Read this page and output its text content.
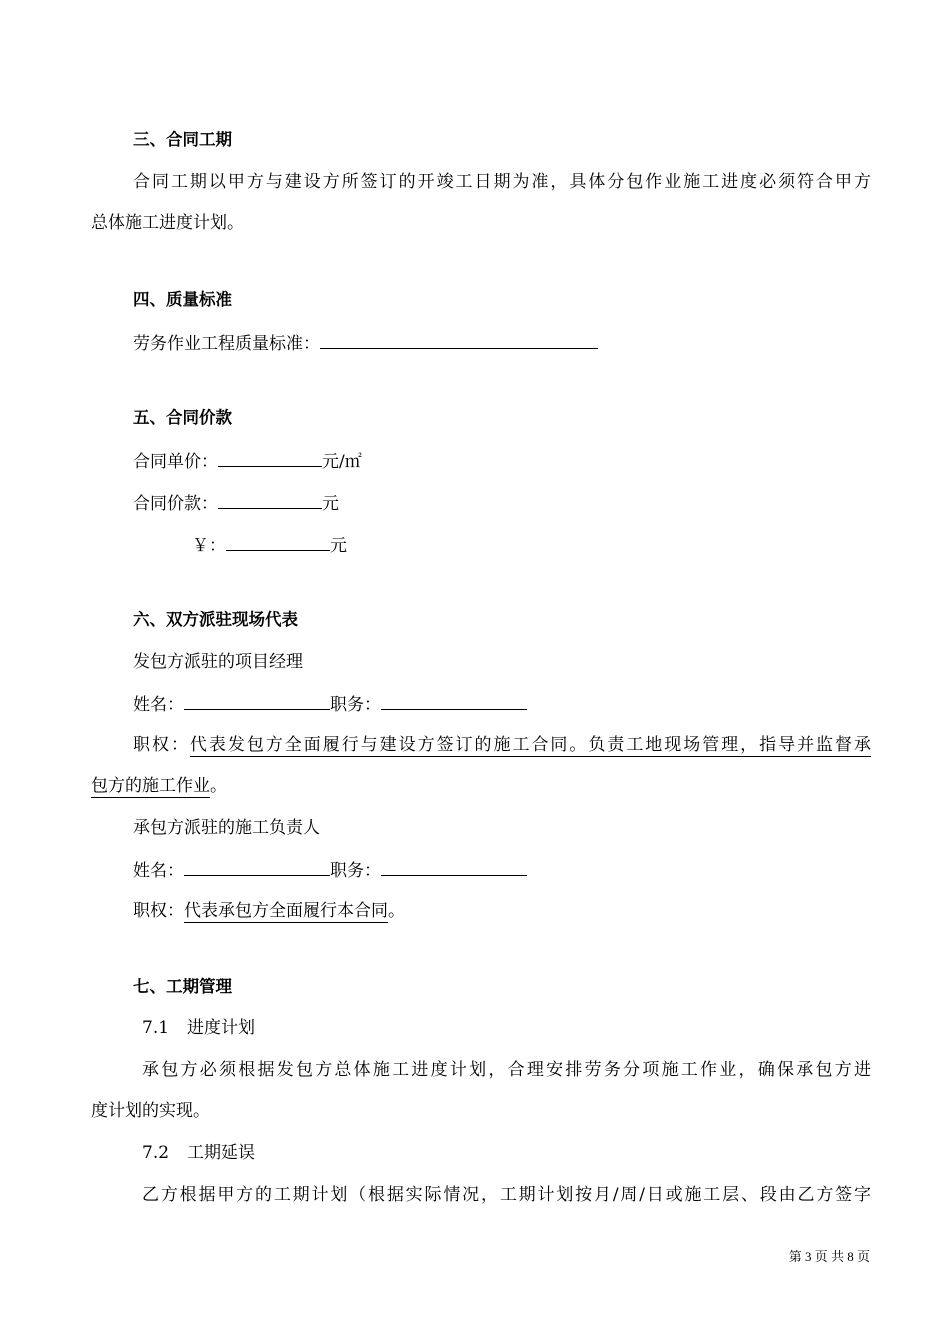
三、合同工期
合同工期以甲方与建设方所签订的开竣工日期为准，具体分包作业施工进度必须符合甲方
总体施工进度计划。
四、质量标准
劳务作业工程质量标准：
五、合同价款
合同单价：	元/㎡
合同价款：	元
￥：	元
六、双方派驻现场代表
发包方派驻的项目经理
姓名：	职务：
职权：代表发包方全面履行与建设方签订的施工合同。负责工地现场管理，指导并监督承
包方的施工作业。
承包方派驻的施工负责人
姓名：	职务：
职权：代表承包方全面履行本合同。
七、工期管理
7.1 进度计划
承包方必须根据发包方总体施工进度计划，合理安排劳务分项施工作业，确保承包方进
度计划的实现。
7.2 工期延误
乙方根据甲方的工期计划（根据实际情况，工期计划按月/周/日或施工层、段由乙方签字
第 3 页 共 8 页
